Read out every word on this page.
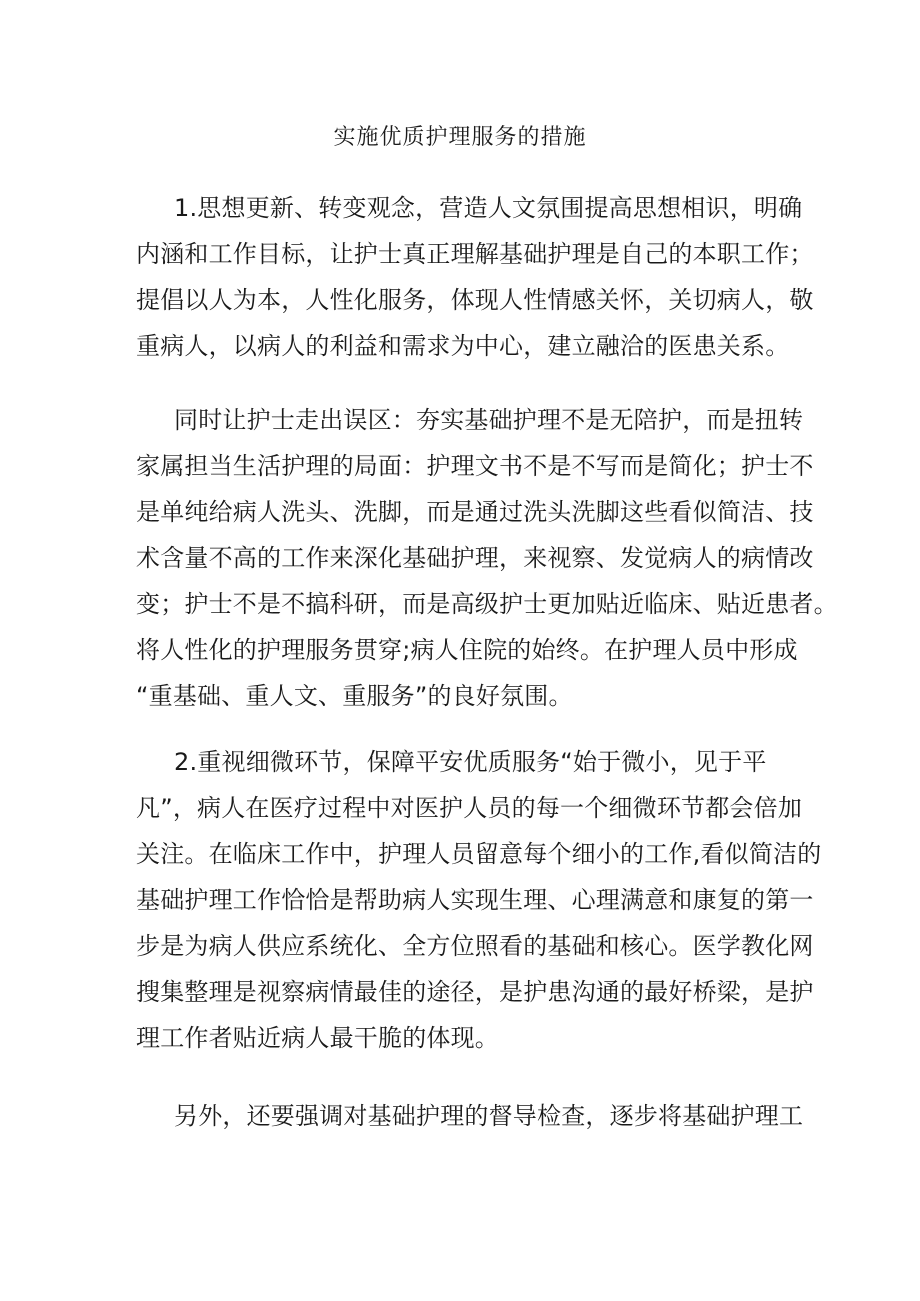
实施优质护理服务的措施
1.思想更新、转变观念，营造人文氛围提高思想相识，明确
内涵和工作目标，让护士真正理解基础护理是自己的本职工作；
提倡以人为本，人性化服务，体现人性情感关怀，关切病人，敬
重病人，以病人的利益和需求为中心，建立融洽的医患关系。
同时让护士走出误区：夯实基础护理不是无陪护，而是扭转
家属担当生活护理的局面：护理文书不是不写而是简化；护士不
是单纯给病人洗头、洗脚，而是通过洗头洗脚这些看似简洁、技
术含量不高的工作来深化基础护理，来视察、发觉病人的病情改
变；护士不是不搞科研，而是高级护士更加贴近临床、贴近患者。
将人性化的护理服务贯穿;病人住院的始终。在护理人员中形成
“重基础、重人文、重服务”的良好氛围。
2.重视细微环节，保障平安优质服务“始于微小，见于平
凡”，病人在医疗过程中对医护人员的每一个细微环节都会倍加
关注。在临床工作中，护理人员留意每个细小的工作,看似简洁的
基础护理工作恰恰是帮助病人实现生理、心理满意和康复的第一
步是为病人供应系统化、全方位照看的基础和核心。医学教化网
搜集整理是视察病情最佳的途径，是护患沟通的最好桥梁，是护
理工作者贴近病人最干脆的体现。
另外，还要强调对基础护理的督导检查，逐步将基础护理工
